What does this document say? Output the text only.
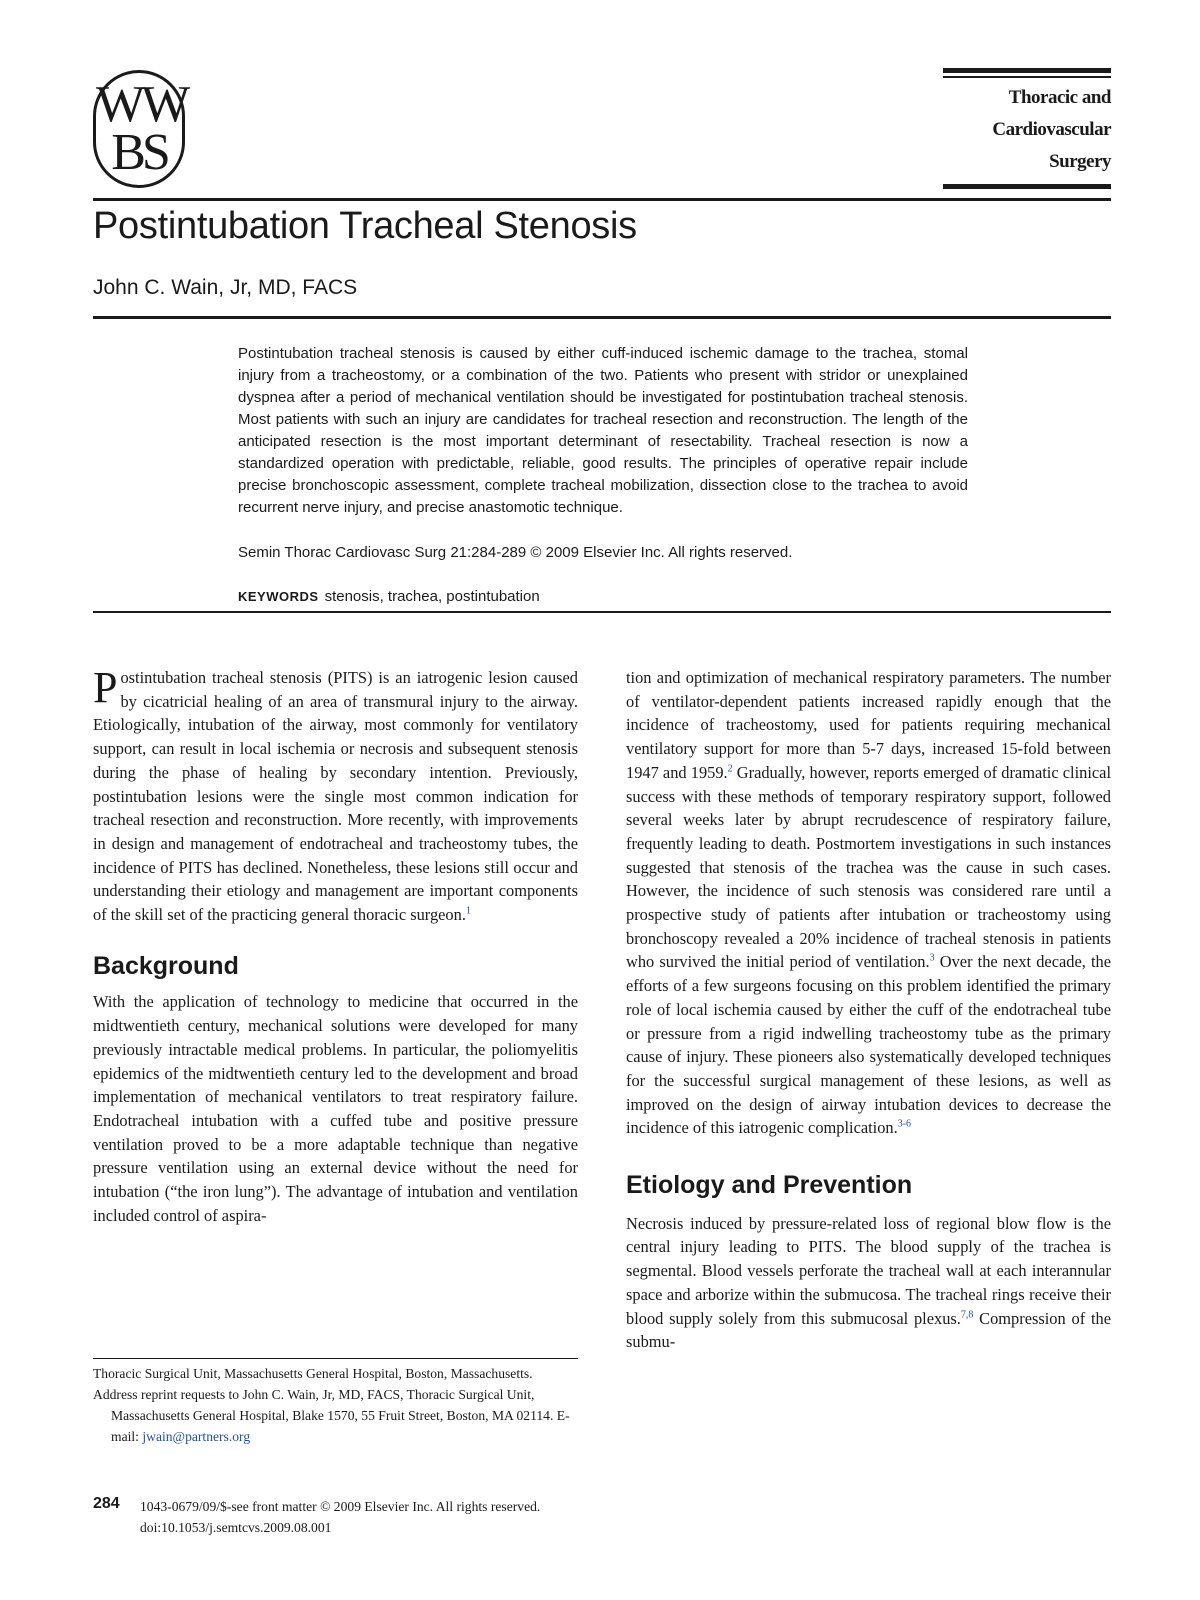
WW
BS
Thoracic and
Cardiovascular
Surgery
Postintubation Tracheal Stenosis

John C. Wain, Jr, MD, FACS

Postintubation tracheal stenosis is caused by either cuff-induced ischemic damage to the trachea, stomal injury from a tracheostomy, or a combination of the two. Patients who present with stridor or unexplained dyspnea after a period of mechanical ventilation should be investigated for postintubation tracheal stenosis. Most patients with such an injury are candidates for tracheal resection and reconstruction. The length of the anticipated resection is the most important determinant of resectability. Tracheal resection is now a standardized operation with predictable, reliable, good results. The principles of operative repair include precise bronchoscopic assessment, complete tracheal mobilization, dissection close to the trachea to avoid recurrent nerve injury, and precise anastomotic technique.

Semin Thorac Cardiovasc Surg 21:284-289 © 2009 Elsevier Inc. All rights reserved.

KEYWORDS stenosis, trachea, postintubation

Postintubation tracheal stenosis (PITS) is an iatrogenic lesion caused by cicatricial healing of an area of transmural injury to the airway. Etiologically, intubation of the airway, most commonly for ventilatory support, can result in local ischemia or necrosis and subsequent stenosis during the phase of healing by secondary intention. Previously, postintubation lesions were the single most common indication for tracheal resection and reconstruction. More recently, with improvements in design and management of endotracheal and tracheostomy tubes, the incidence of PITS has declined. Nonetheless, these lesions still occur and understanding their etiology and management are important components of the skill set of the practicing general thoracic surgeon.$^1$

Background

With the application of technology to medicine that occurred in the midtwentieth century, mechanical solutions were developed for many previously intractable medical problems. In particular, the poliomyelitis epidemics of the midtwentieth century led to the development and broad implementation of mechanical ventilators to treat respiratory failure. Endotracheal intubation with a cuffed tube and positive pressure ventilation proved to be a more adaptable technique than negative pressure ventilation using an external device without the need for intubation (“the iron lung”). The advantage of intubation and ventilation included control of aspira-

tion and optimization of mechanical respiratory parameters. The number of ventilator-dependent patients increased rapidly enough that the incidence of tracheostomy, used for patients requiring mechanical ventilatory support for more than 5-7 days, increased 15-fold between 1947 and 1959.$^2$ Gradually, however, reports emerged of dramatic clinical success with these methods of temporary respiratory support, followed several weeks later by abrupt recrudescence of respiratory failure, frequently leading to death. Postmortem investigations in such instances suggested that stenosis of the trachea was the cause in such cases. However, the incidence of such stenosis was considered rare until a prospective study of patients after intubation or tracheostomy using bronchoscopy revealed a 20% incidence of tracheal stenosis in patients who survived the initial period of ventilation.$^3$ Over the next decade, the efforts of a few surgeons focusing on this problem identified the primary role of local ischemia caused by either the cuff of the endotracheal tube or pressure from a rigid indwelling tracheostomy tube as the primary cause of injury. These pioneers also systematically developed techniques for the successful surgical management of these lesions, as well as improved on the design of airway intubation devices to decrease the incidence of this iatrogenic complication.$^{3-6}$

Etiology and Prevention

Necrosis induced by pressure-related loss of regional blow flow is the central injury leading to PITS. The blood supply of the trachea is segmental. Blood vessels perforate the tracheal wall at each interannular space and arborize within the submucosa. The tracheal rings receive their blood supply solely from this submucosal plexus.$^{7,8}$ Compression of the submu-

Thoracic Surgical Unit, Massachusetts General Hospital, Boston, Massachusetts.

Address reprint requests to John C. Wain, Jr, MD, FACS, Thoracic Surgical Unit, Massachusetts General Hospital, Blake 1570, 55 Fruit Street, Boston, MA 02114. E-mail: jwain@partners.org

284 1043-0679/09/$-see front matter © 2009 Elsevier Inc. All rights reserved.
doi:10.1053/j.semtcvs.2009.08.001
